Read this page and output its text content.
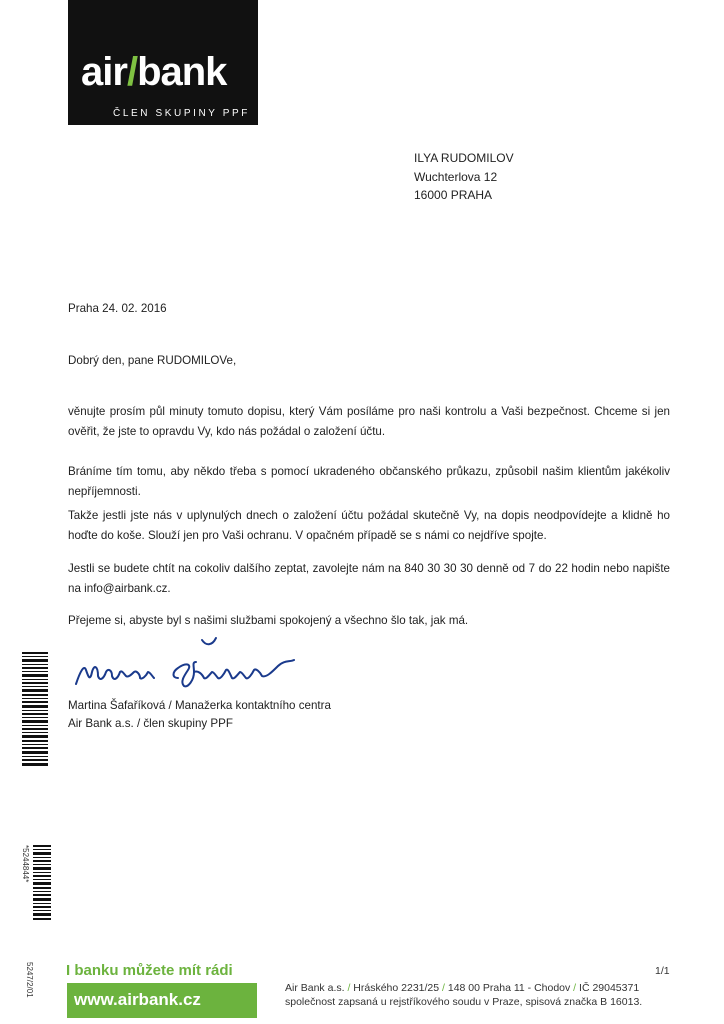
air/bank
ČLEN SKUPINY PPF
ILYA RUDOMILOV
Wuchterlova 12
16000 PRAHA
Praha 24. 02. 2016
Dobrý den, pane RUDOMILOVe,
věnujte prosím půl minuty tomuto dopisu, který Vám posíláme pro naši kontrolu a Vaši bezpečnost. Chceme si jen ověřit, že jste to opravdu Vy, kdo nás požádal o založení účtu.
Bráníme tím tomu, aby někdo třeba s pomocí ukradeného občanského průkazu, způsobil našim klientům jakékoliv nepříjemnosti.
Takže jestli jste nás v uplynulých dnech o založení účtu požádal skutečně Vy, na dopis neodpovídejte a klidně ho hoďte do koše. Slouží jen pro Vaši ochranu. V opačném případě se s námi co nejdříve spojte.
Jestli se budete chtít na cokoliv dalšího zeptat, zavolejte nám na 840 30 30 30 denně od 7 do 22 hodin nebo napište na info@airbank.cz.
Přejeme si, abyste byl s našimi službami spokojený a všechno šlo tak, jak má.
Martina Šafaříková / Manažerka kontaktního centra
Air Bank a.s. / člen skupiny PPF
*5244844*
5247/2/01 I banku můžete mít rádi
www.airbank.cz
1/1
Air Bank a.s. / Hráského 2231/25 / 148 00 Praha 11 - Chodov / IČ 29045371
společnost zapsaná u rejstříkového soudu v Praze, spisová značka B 16013.
